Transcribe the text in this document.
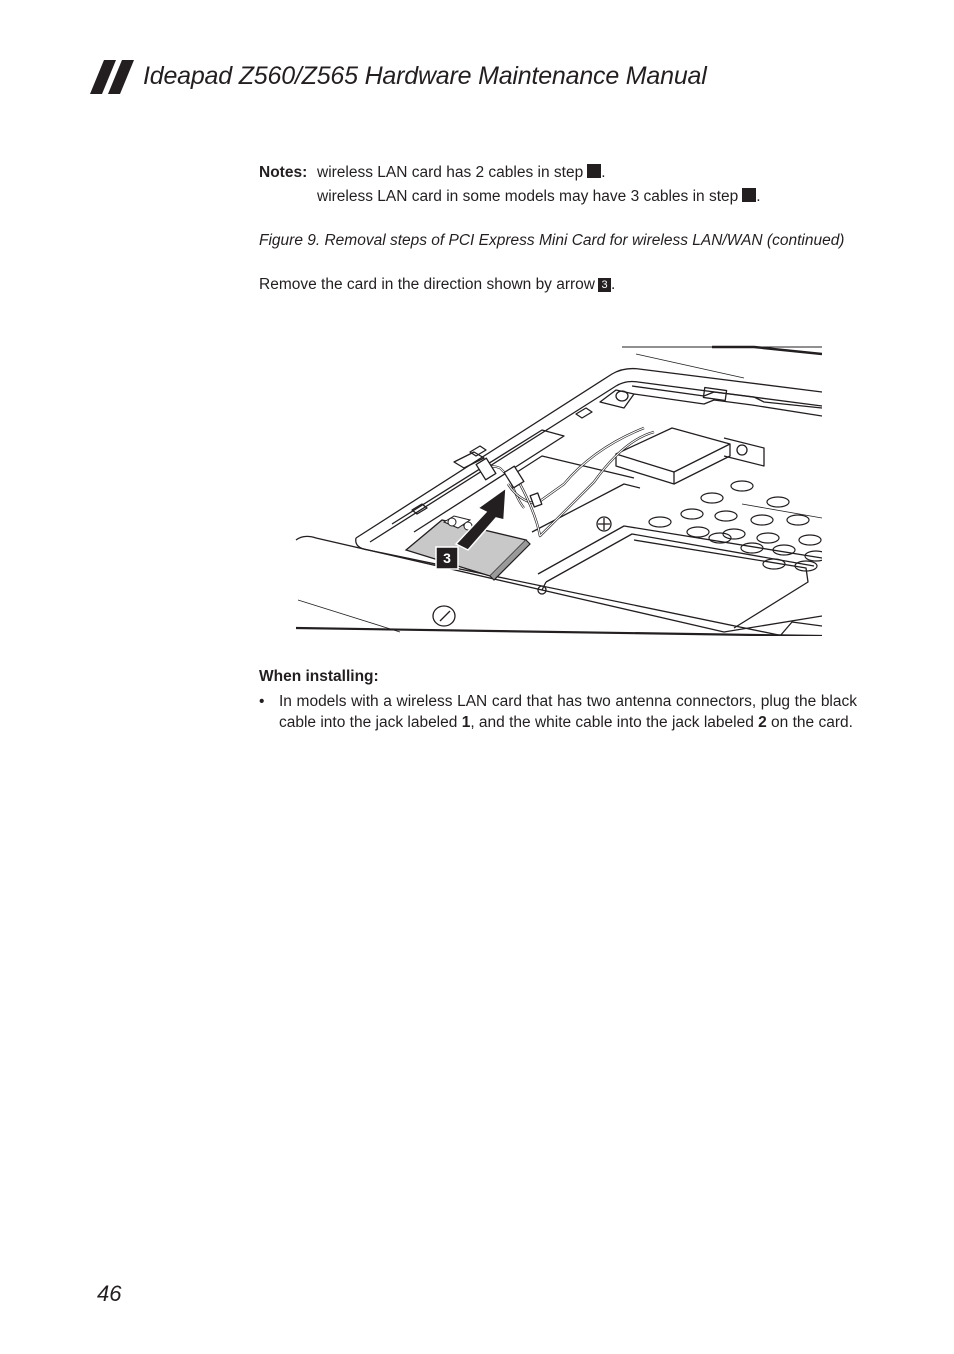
Ideapad Z560/Z565 Hardware Maintenance Manual
Notes: wireless LAN card has 2 cables in step .
wireless LAN card in some models may have 3 cables in step .
Figure 9. Removal steps of PCI Express Mini Card for wireless LAN/WAN (continued)
Remove the card in the direction shown by arrow 3 .
3
When installing:
• In models with a wireless LAN card that has two antenna connectors, plug the black cable into the jack labeled 1, and the white cable into the jack labeled 2 on the card.
46
